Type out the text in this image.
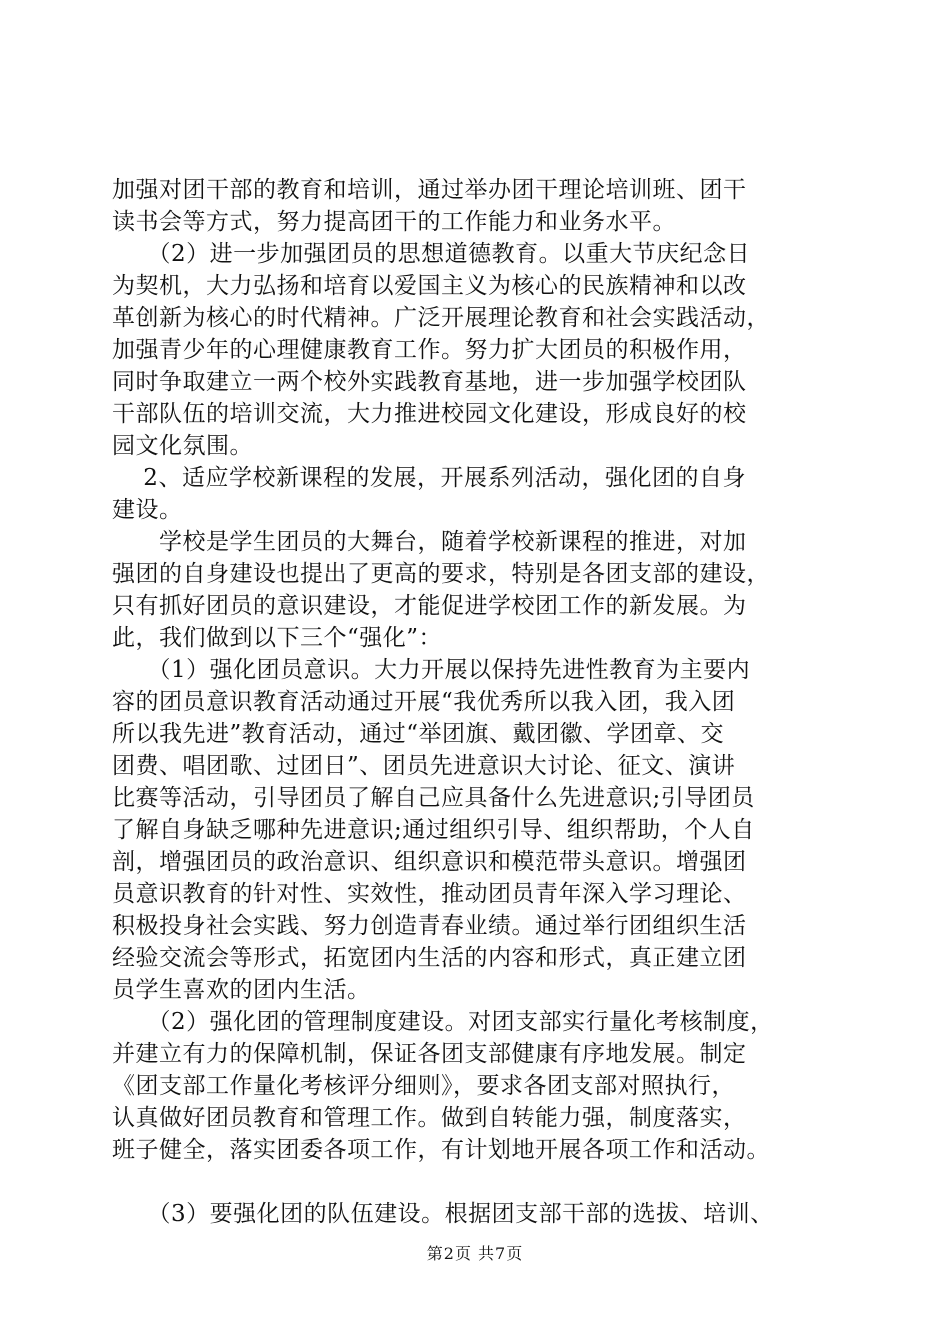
加强对团干部的教育和培训，通过举办团干理论培训班、团干
读书会等方式，努力提高团干的工作能力和业务水平。
　　（2）进一步加强团员的思想道德教育。以重大节庆纪念日
为契机，大力弘扬和培育以爱国主义为核心的民族精神和以改
革创新为核心的时代精神。广泛开展理论教育和社会实践活动，
加强青少年的心理健康教育工作。努力扩大团员的积极作用，
同时争取建立一两个校外实践教育基地，进一步加强学校团队
干部队伍的培训交流，大力推进校园文化建设，形成良好的校
园文化氛围。
　 2、适应学校新课程的发展，开展系列活动，强化团的自身
建设。
　　学校是学生团员的大舞台，随着学校新课程的推进，对加
强团的自身建设也提出了更高的要求，特别是各团支部的建设，
只有抓好团员的意识建设，才能促进学校团工作的新发展。为
此，我们做到以下三个“强化”：
　　（1）强化团员意识。大力开展以保持先进性教育为主要内
容的团员意识教育活动通过开展“我优秀所以我入团，我入团
所以我先进”教育活动，通过“举团旗、戴团徽、学团章、交
团费、唱团歌、过团日”、团员先进意识大讨论、征文、演讲
比赛等活动，引导团员了解自己应具备什么先进意识;引导团员
了解自身缺乏哪种先进意识;通过组织引导、组织帮助，个人自
剖，增强团员的政治意识、组织意识和模范带头意识。增强团
员意识教育的针对性、实效性，推动团员青年深入学习理论、
积极投身社会实践、努力创造青春业绩。通过举行团组织生活
经验交流会等形式，拓宽团内生活的内容和形式，真正建立团
员学生喜欢的团内生活。
　　（2）强化团的管理制度建设。对团支部实行量化考核制度，
并建立有力的保障机制，保证各团支部健康有序地发展。制定
《团支部工作量化考核评分细则》，要求各团支部对照执行，
认真做好团员教育和管理工作。做到自转能力强，制度落实，
班子健全，落实团委各项工作，有计划地开展各项工作和活动。
　　（3）要强化团的队伍建设。根据团支部干部的选拔、培训、
第2页 共7页
